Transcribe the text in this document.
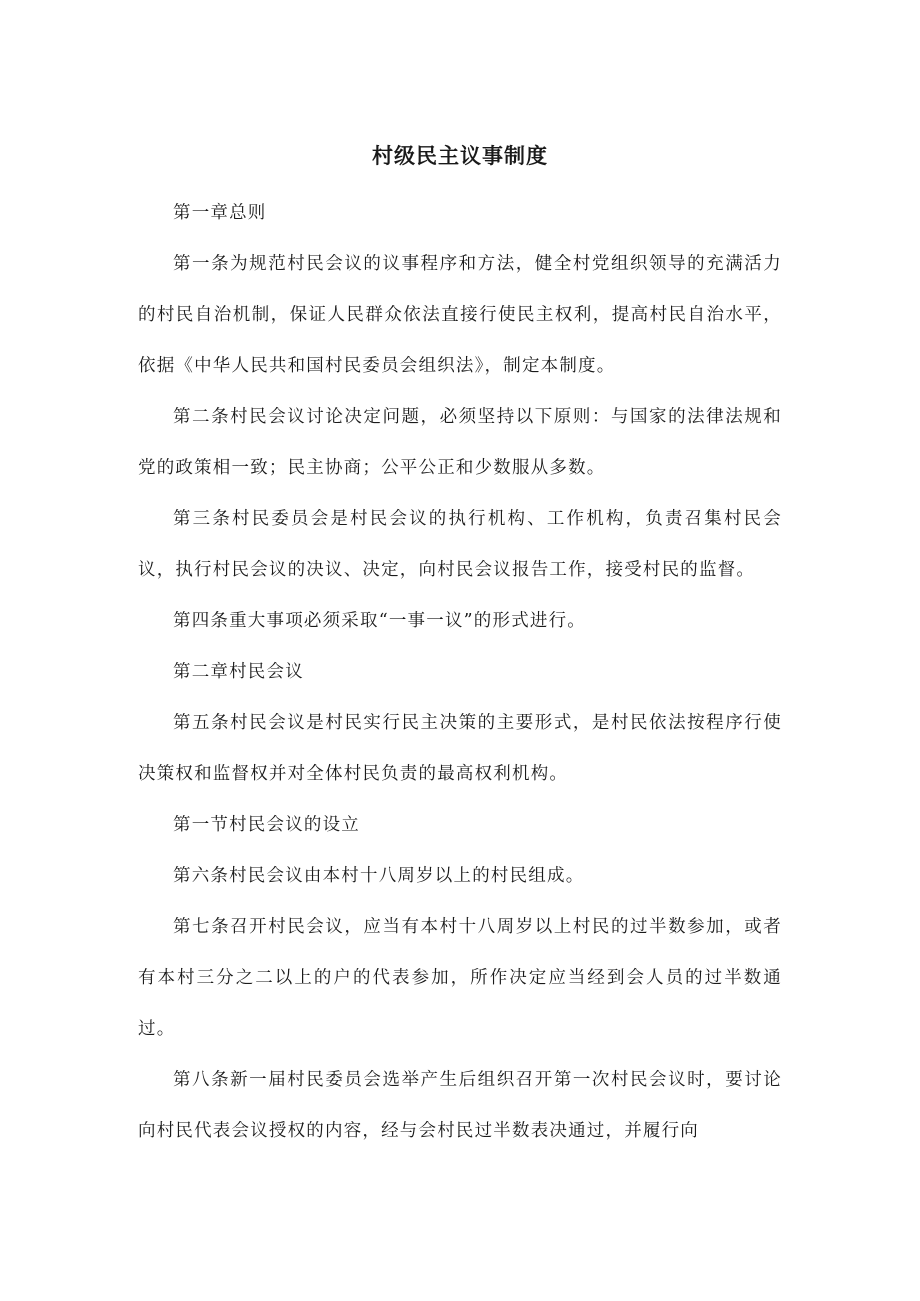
村级民主议事制度

第一章总则

第一条为规范村民会议的议事程序和方法，健全村党组织领导的充满活力的村民自治机制，保证人民群众依法直接行使民主权利，提高村民自治水平，依据《中华人民共和国村民委员会组织法》，制定本制度。

第二条村民会议讨论决定问题，必须坚持以下原则：与国家的法律法规和党的政策相一致；民主协商；公平公正和少数服从多数。

第三条村民委员会是村民会议的执行机构、工作机构，负责召集村民会议，执行村民会议的决议、决定，向村民会议报告工作，接受村民的监督。

第四条重大事项必须采取“一事一议”的形式进行。

第二章村民会议

第五条村民会议是村民实行民主决策的主要形式，是村民依法按程序行使决策权和监督权并对全体村民负责的最高权利机构。

第一节村民会议的设立

第六条村民会议由本村十八周岁以上的村民组成。

第七条召开村民会议，应当有本村十八周岁以上村民的过半数参加，或者有本村三分之二以上的户的代表参加，所作决定应当经到会人员的过半数通过。

第八条新一届村民委员会选举产生后组织召开第一次村民会议时，要讨论向村民代表会议授权的内容，经与会村民过半数表决通过，并履行向
